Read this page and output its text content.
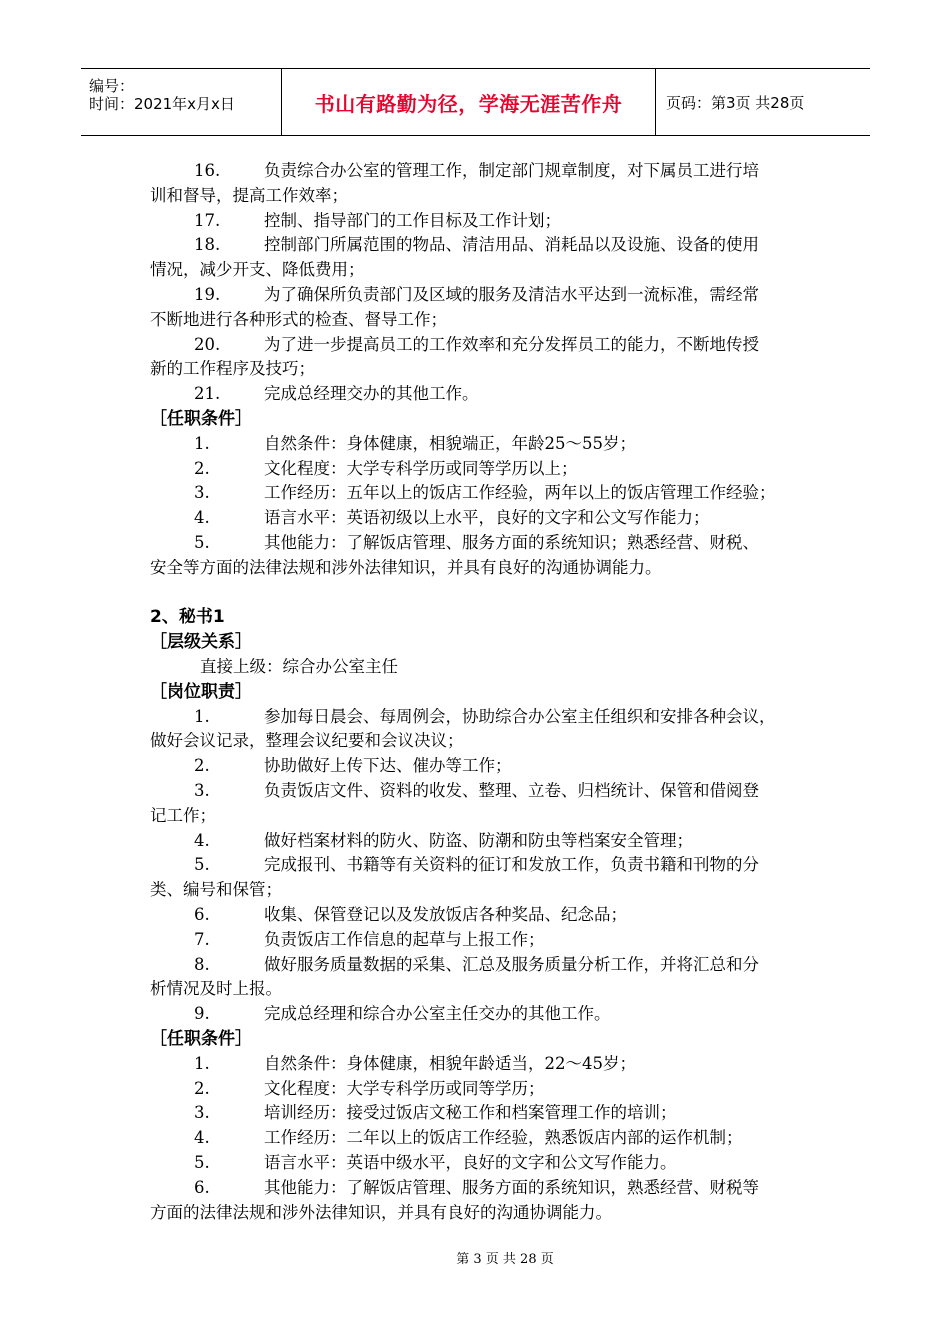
编号：
时间：2021年x月x日	书山有路勤为径，学海无涯苦作舟	页码：第3页 共28页
16.	负责综合办公室的管理工作，制定部门规章制度，对下属员工进行培
训和督导，提高工作效率；
17.	控制、指导部门的工作目标及工作计划；
18.	控制部门所属范围的物品、清洁用品、消耗品以及设施、设备的使用
情况，减少开支、降低费用；
19.	为了确保所负责部门及区域的服务及清洁水平达到一流标准，需经常
不断地进行各种形式的检查、督导工作；
20.	为了进一步提高员工的工作效率和充分发挥员工的能力，不断地传授
新的工作程序及技巧；
21.	完成总经理交办的其他工作。
［任职条件］
1.	自然条件：身体健康，相貌端正，年龄25～55岁；
2.	文化程度：大学专科学历或同等学历以上；
3.	工作经历：五年以上的饭店工作经验，两年以上的饭店管理工作经验；
4.	语言水平：英语初级以上水平，良好的文字和公文写作能力；
5.	其他能力：了解饭店管理、服务方面的系统知识；熟悉经营、财税、
安全等方面的法律法规和涉外法律知识，并具有良好的沟通协调能力。
2、秘书1
［层级关系］
直接上级：综合办公室主任
［岗位职责］
1.	参加每日晨会、每周例会，协助综合办公室主任组织和安排各种会议，
做好会议记录，整理会议纪要和会议决议；
2.	协助做好上传下达、催办等工作；
3.	负责饭店文件、资料的收发、整理、立卷、归档统计、保管和借阅登
记工作；
4.	做好档案材料的防火、防盗、防潮和防虫等档案安全管理；
5.	完成报刊、书籍等有关资料的征订和发放工作，负责书籍和刊物的分
类、编号和保管；
6.	收集、保管登记以及发放饭店各种奖品、纪念品；
7.	负责饭店工作信息的起草与上报工作；
8.	做好服务质量数据的采集、汇总及服务质量分析工作，并将汇总和分
析情况及时上报。
9.	完成总经理和综合办公室主任交办的其他工作。
［任职条件］
1.	自然条件：身体健康，相貌年龄适当，22～45岁；
2.	文化程度：大学专科学历或同等学历；
3.	培训经历：接受过饭店文秘工作和档案管理工作的培训；
4.	工作经历：二年以上的饭店工作经验，熟悉饭店内部的运作机制；
5.	语言水平：英语中级水平，良好的文字和公文写作能力。
6.	其他能力：了解饭店管理、服务方面的系统知识，熟悉经营、财税等
方面的法律法规和涉外法律知识，并具有良好的沟通协调能力。
第 3 页 共 28 页
